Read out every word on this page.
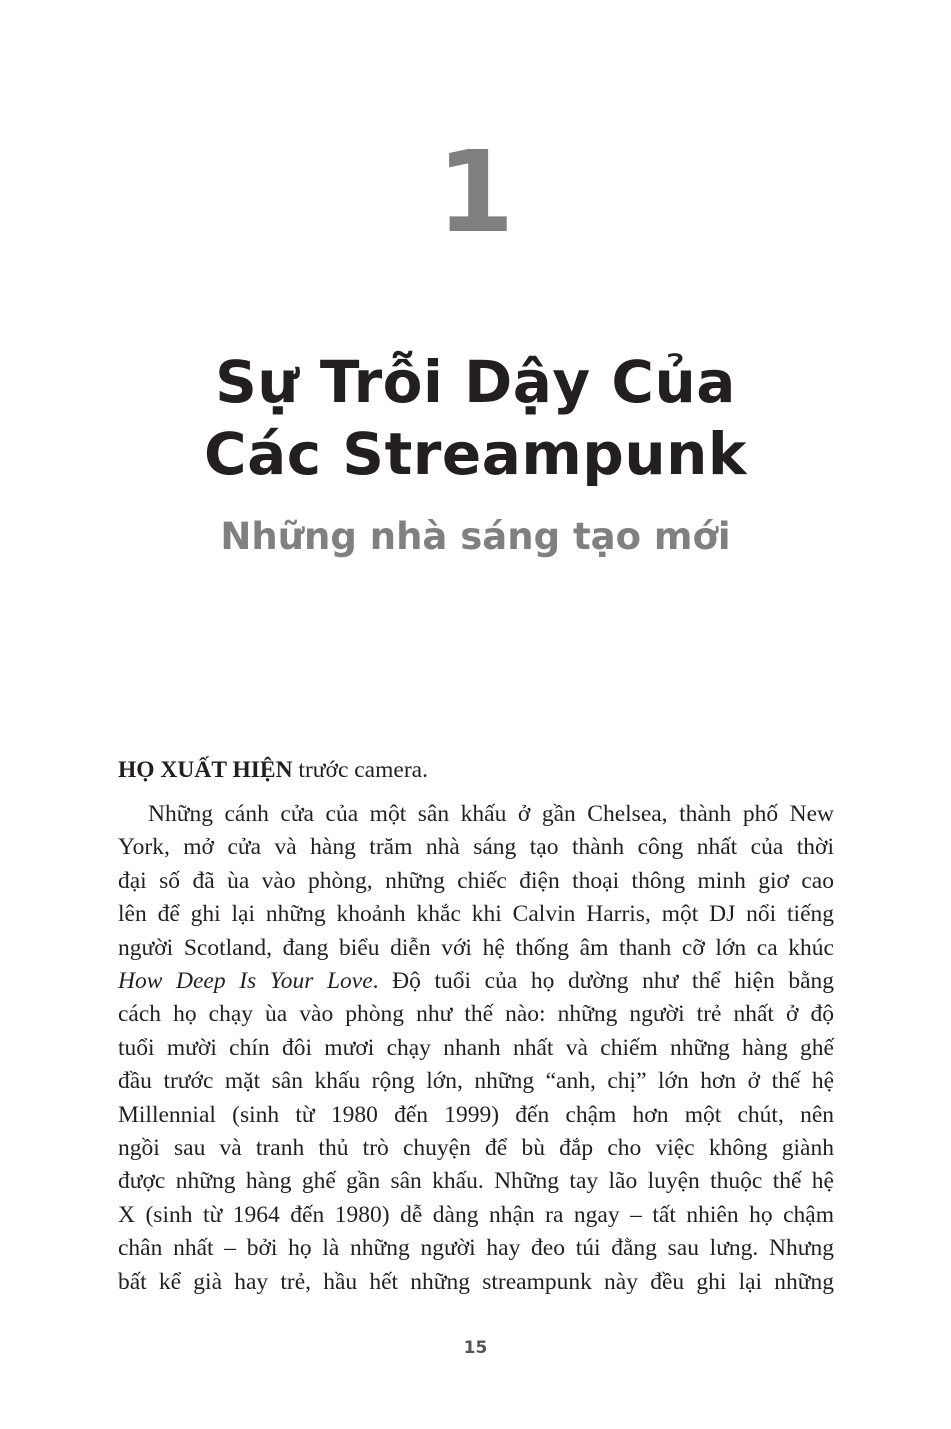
1
Sự Trỗi Dậy Của
Các Streampunk
Những nhà sáng tạo mới
HỌ XUẤT HIỆN trước camera.
Những cánh cửa của một sân khấu ở gần Chelsea, thành phố New
York, mở cửa và hàng trăm nhà sáng tạo thành công nhất của thời
đại số đã ùa vào phòng, những chiếc điện thoại thông minh giơ cao
lên để ghi lại những khoảnh khắc khi Calvin Harris, một DJ nổi tiếng
người Scotland, đang biểu diễn với hệ thống âm thanh cỡ lớn ca khúc
How Deep Is Your Love. Độ tuổi của họ dường như thể hiện bằng
cách họ chạy ùa vào phòng như thế nào: những người trẻ nhất ở độ
tuổi mười chín đôi mươi chạy nhanh nhất và chiếm những hàng ghế
đầu trước mặt sân khấu rộng lớn, những “anh, chị” lớn hơn ở thế hệ
Millennial (sinh từ 1980 đến 1999) đến chậm hơn một chút, nên
ngồi sau và tranh thủ trò chuyện để bù đắp cho việc không giành
được những hàng ghế gần sân khấu. Những tay lão luyện thuộc thế hệ
X (sinh từ 1964 đến 1980) dễ dàng nhận ra ngay – tất nhiên họ chậm
chân nhất – bởi họ là những người hay đeo túi đằng sau lưng. Nhưng
bất kể già hay trẻ, hầu hết những streampunk này đều ghi lại những
15
